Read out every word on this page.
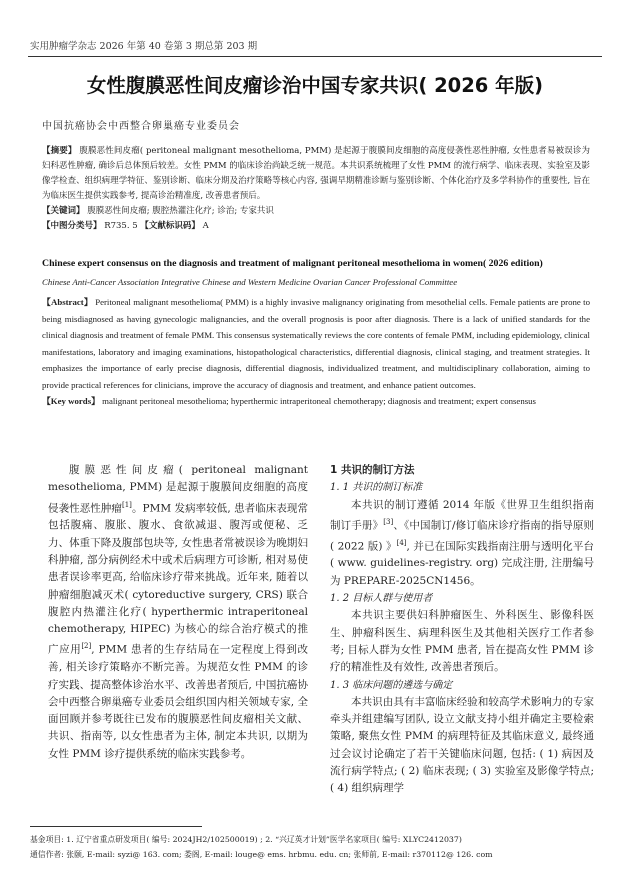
实用肿瘤学杂志 2026 年第 40 卷第 3 期总第 203 期
女性腹膜恶性间皮瘤诊治中国专家共识( 2026 年版)
中国抗癌协会中西整合卵巢癌专业委员会

【摘要】 腹膜恶性间皮瘤( peritoneal malignant mesothelioma, PMM) 是起源于腹膜间皮细胞的高度侵袭性恶性肿瘤, 女性患者易被误诊为妇科恶性肿瘤, 确诊后总体预后较差。女性 PMM 的临床诊治尚缺乏统一规范。本共识系统梳理了女性 PMM 的流行病学、临床表现、实验室及影像学检查、组织病理学特征、鉴别诊断、临床分期及治疗策略等核心内容, 强调早期精准诊断与鉴别诊断、个体化治疗及多学科协作的重要性, 旨在为临床医生提供实践参考, 提高诊治精准度, 改善患者预后。

【关键词】 腹膜恶性间皮瘤; 腹腔热灌注化疗; 诊治; 专家共识

【中图分类号】 R735. 5 【文献标识码】 A

Chinese expert consensus on the diagnosis and treatment of malignant peritoneal mesothelioma in women( 2026 edition)
Chinese Anti-Cancer Association Integrative Chinese and Western Medicine Ovarian Cancer Professional Committee

【Abstract】 Peritoneal malignant mesothelioma( PMM) is a highly invasive malignancy originating from mesothelial cells. Female patients are prone to being misdiagnosed as having gynecologic malignancies, and the overall prognosis is poor after diagnosis. There is a lack of unified standards for the clinical diagnosis and treatment of female PMM. This consensus systematically reviews the core contents of female PMM, including epidemiology, clinical manifestations, laboratory and imaging examinations, histopathological characteristics, differential diagnosis, clinical staging, and treatment strategies. It emphasizes the importance of early precise diagnosis, differential diagnosis, individualized treatment, and multidisciplinary collaboration, aiming to provide practical references for clinicians, improve the accuracy of diagnosis and treatment, and enhance patient outcomes.

【Key words】 malignant peritoneal mesothelioma; hyperthermic intraperitoneal chemotherapy; diagnosis and treatment; expert consensus

腹膜恶性间皮瘤( peritoneal malignant mesothelioma, PMM) 是起源于腹膜间皮细胞的高度侵袭性恶性肿瘤[1]。PMM 发病率较低, 患者临床表现常包括腹痛、腹胀、腹水、食欲减退、腹泻或便秘、乏力、体重下降及腹部包块等, 女性患者常被误诊为晚期妇科肿瘤, 部分病例经术中或术后病理方可诊断, 相对易使患者误诊率更高, 给临床诊疗带来挑战。近年来, 随着以肿瘤细胞减灭术( cytoreductive surgery, CRS) 联合腹腔内热灌注化疗( hyperthermic intraperitoneal chemotherapy, HIPEC) 为核心的综合治疗模式的推广应用[2], PMM 患者的生存结局在一定程度上得到改善, 相关诊疗策略亦不断完善。为规范女性 PMM 的诊疗实践、提高整体诊治水平、改善患者预后, 中国抗癌协会中西整合卵巢癌专业委员会组织国内相关领域专家, 全面回顾并参考既往已发布的腹膜恶性间皮瘤相关文献、共识、指南等, 以女性患者为主体, 制定本共识, 以期为女性 PMM 诊疗提供系统的临床实践参考。

1 共识的制订方法
1. 1 共识的制订标准

本共识的制订遵循 2014 年版《世界卫生组织指南制订手册》[3]、《中国制订/修订临床诊疗指南的指导原则( 2022 版) 》[4], 并已在国际实践指南注册与透明化平台( www. guidelines-registry. org) 完成注册, 注册编号为 PREPARE-2025CN1456。

1. 2 目标人群与使用者

本共识主要供妇科肿瘤医生、外科医生、影像科医生、肿瘤科医生、病理科医生及其他相关医疗工作者参考; 目标人群为女性 PMM 患者, 旨在提高女性 PMM 诊疗的精准性及有效性, 改善患者预后。

1. 3 临床问题的遴选与确定

本共识由具有丰富临床经验和较高学术影响力的专家牵头并组建编写团队, 设立文献支持小组并确定主要检索策略, 聚焦女性 PMM 的病理特征及其临床意义, 最终通过会议讨论确定了若干关键临床问题, 包括: ( 1) 病因及流行病学特点; ( 2) 临床表现; ( 3) 实验室及影像学特点; ( 4) 组织病理学

基金项目: 1. 辽宁省重点研发项目( 编号: 2024JH2/102500019) ; 2. “兴辽英才计划”医学名家项目( 编号: XLYC2412037)
通信作者: 张颐, E-mail: syzi@ 163. com; 娄阁, E-mail: louge@ ems. hrbmu. edu. cn; 张师前, E-mail: r370112@ 126. com
